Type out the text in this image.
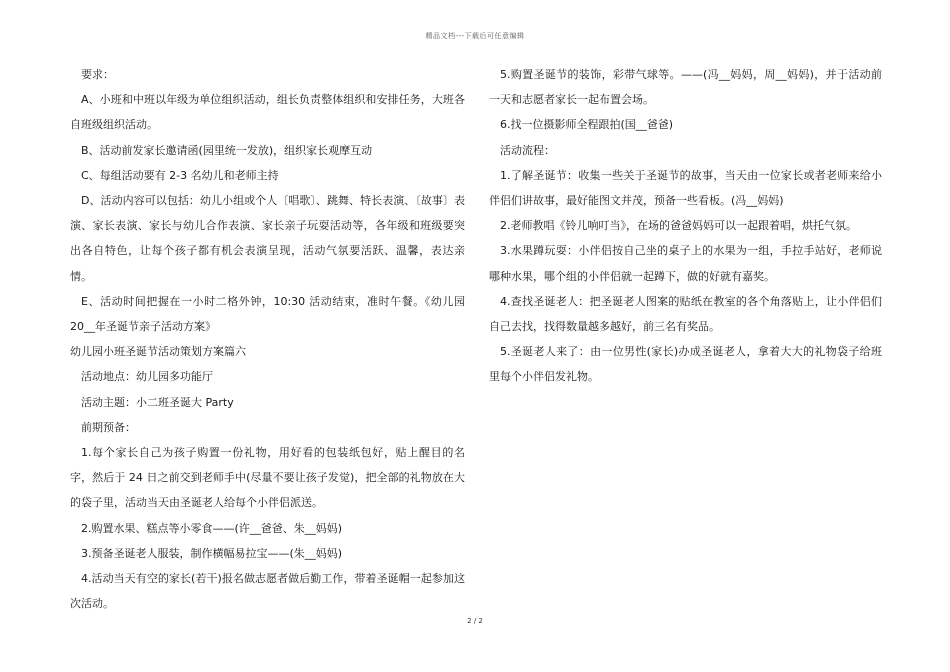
精品文档---下载后可任意编辑

要求：

A、小班和中班以年级为单位组织活动，组长负责整体组织和安排任务，大班各自班级组织活动。

B、活动前发家长邀请函(园里统一发放)，组织家长观摩互动

C、每组活动要有 2-3 名幼儿和老师主持

D、活动内容可以包括：幼儿小组或个人〔唱歌〕、跳舞、特长表演、〔故事〕表演、家长表演、家长与幼儿合作表演、家长亲子玩耍活动等，各年级和班级要突出各自特色，让每个孩子都有机会表演呈现，活动气氛要活跃、温馨，表达亲情。

E、活动时间把握在一小时二格外钟，10:30 活动结束，准时午餐。《幼儿园 20__年圣诞节亲子活动方案》

幼儿园小班圣诞节活动策划方案篇六

活动地点：幼儿园多功能厅

活动主题：小二班圣诞大 Party

前期预备：

1.每个家长自己为孩子购置一份礼物，用好看的包装纸包好，贴上醒目的名字，然后于 24 日之前交到老师手中(尽量不要让孩子发觉)，把全部的礼物放在大的袋子里，活动当天由圣诞老人给每个小伴侣派送。

2.购置水果、糕点等小零食——(许__爸爸、朱__妈妈)

3.预备圣诞老人服装，制作横幅易拉宝——(朱__妈妈)

4.活动当天有空的家长(若干)报名做志愿者做后勤工作，带着圣诞帽一起参加这次活动。

5.购置圣诞节的装饰，彩带气球等。——(冯__妈妈，周__妈妈)，并于活动前一天和志愿者家长一起布置会场。

6.找一位摄影师全程跟拍(国__爸爸)

活动流程：

1.了解圣诞节：收集一些关于圣诞节的故事，当天由一位家长或者老师来给小伴侣们讲故事，最好能图文并茂，预备一些看板。(冯__妈妈)

2.老师教唱《铃儿响叮当》，在场的爸爸妈妈可以一起跟着唱，烘托气氛。

3.水果蹲玩耍：小伴侣按自己坐的桌子上的水果为一组，手拉手站好，老师说哪种水果，哪个组的小伴侣就一起蹲下，做的好就有嘉奖。

4.查找圣诞老人：把圣诞老人图案的贴纸在教室的各个角落贴上，让小伴侣们自己去找，找得数量越多越好，前三名有奖品。

5.圣诞老人来了：由一位男性(家长)办成圣诞老人，拿着大大的礼物袋子给班里每个小伴侣发礼物。

2 / 2
